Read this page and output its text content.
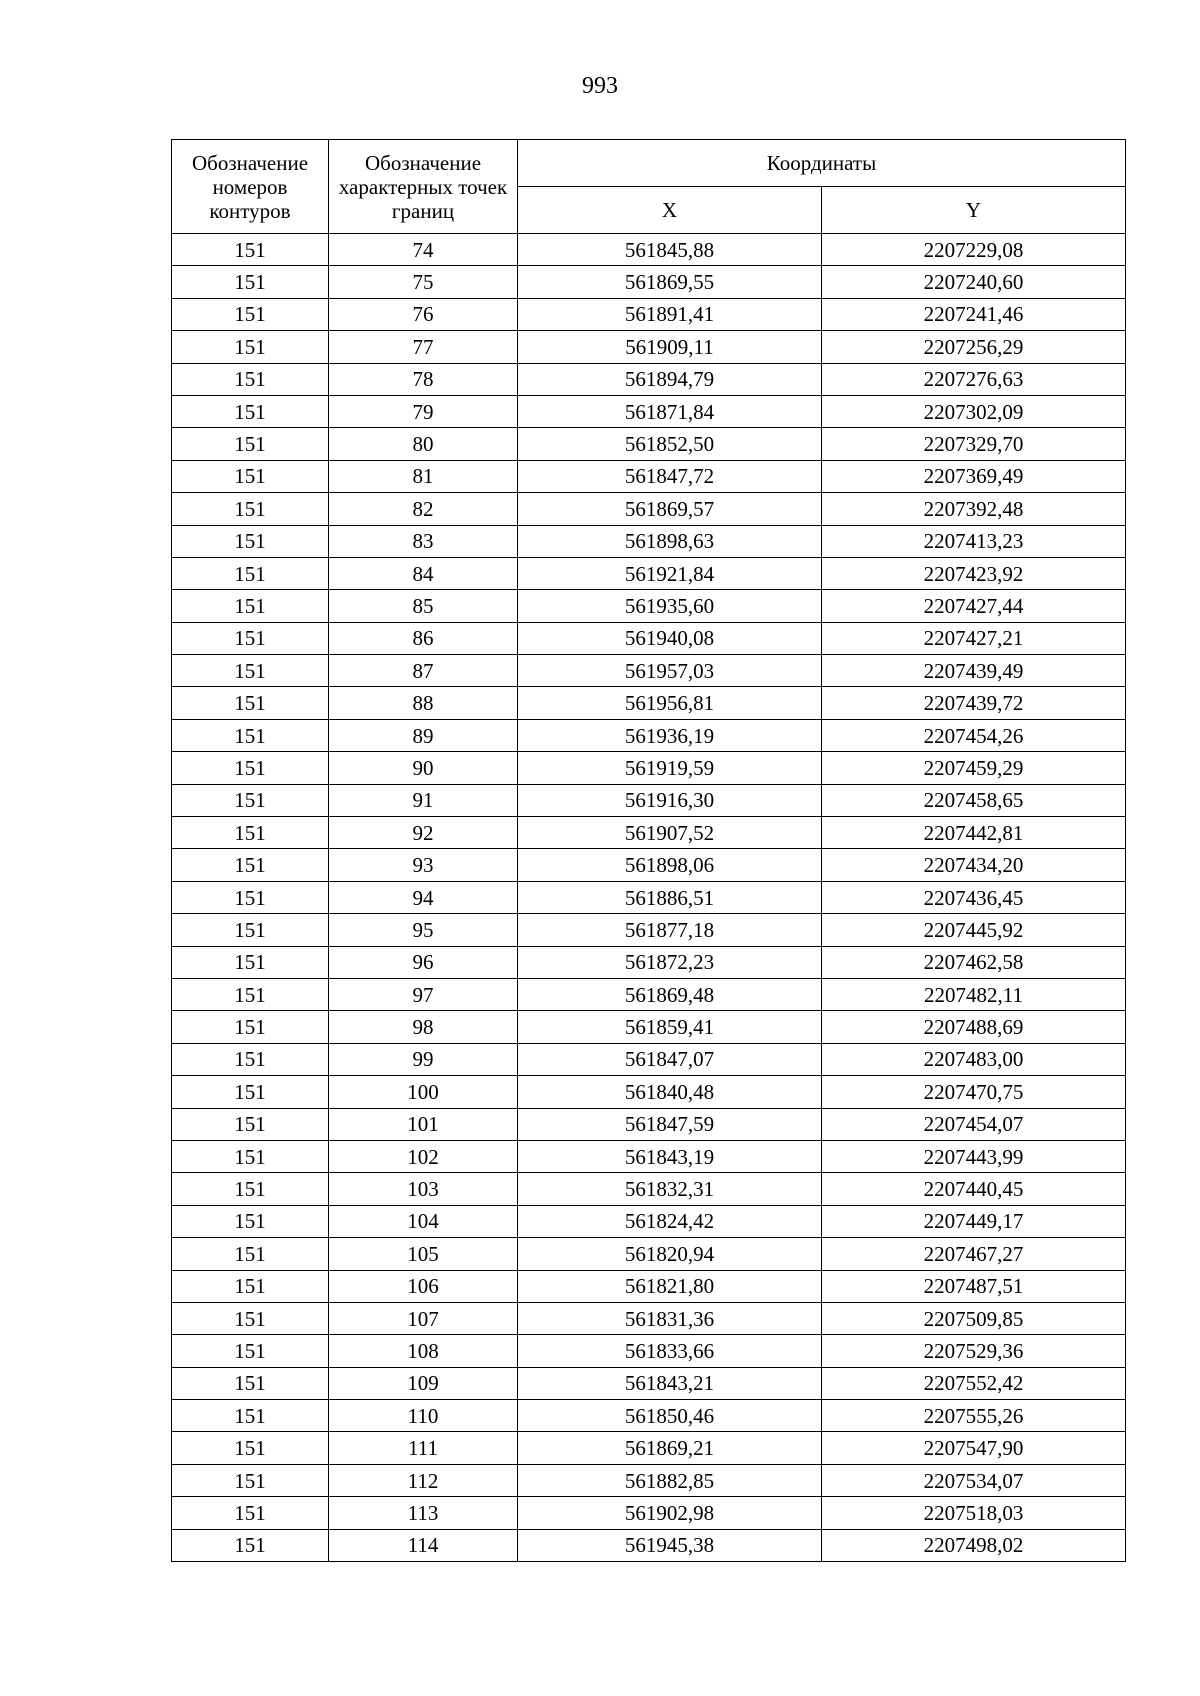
993
Обозначение номеров контуров	Обозначение характерных точек границ	Координаты	
		X	Y
151	74	561845,88	2207229,08
151	75	561869,55	2207240,60
151	76	561891,41	2207241,46
151	77	561909,11	2207256,29
151	78	561894,79	2207276,63
151	79	561871,84	2207302,09
151	80	561852,50	2207329,70
151	81	561847,72	2207369,49
151	82	561869,57	2207392,48
151	83	561898,63	2207413,23
151	84	561921,84	2207423,92
151	85	561935,60	2207427,44
151	86	561940,08	2207427,21
151	87	561957,03	2207439,49
151	88	561956,81	2207439,72
151	89	561936,19	2207454,26
151	90	561919,59	2207459,29
151	91	561916,30	2207458,65
151	92	561907,52	2207442,81
151	93	561898,06	2207434,20
151	94	561886,51	2207436,45
151	95	561877,18	2207445,92
151	96	561872,23	2207462,58
151	97	561869,48	2207482,11
151	98	561859,41	2207488,69
151	99	561847,07	2207483,00
151	100	561840,48	2207470,75
151	101	561847,59	2207454,07
151	102	561843,19	2207443,99
151	103	561832,31	2207440,45
151	104	561824,42	2207449,17
151	105	561820,94	2207467,27
151	106	561821,80	2207487,51
151	107	561831,36	2207509,85
151	108	561833,66	2207529,36
151	109	561843,21	2207552,42
151	110	561850,46	2207555,26
151	111	561869,21	2207547,90
151	112	561882,85	2207534,07
151	113	561902,98	2207518,03
151	114	561945,38	2207498,02
